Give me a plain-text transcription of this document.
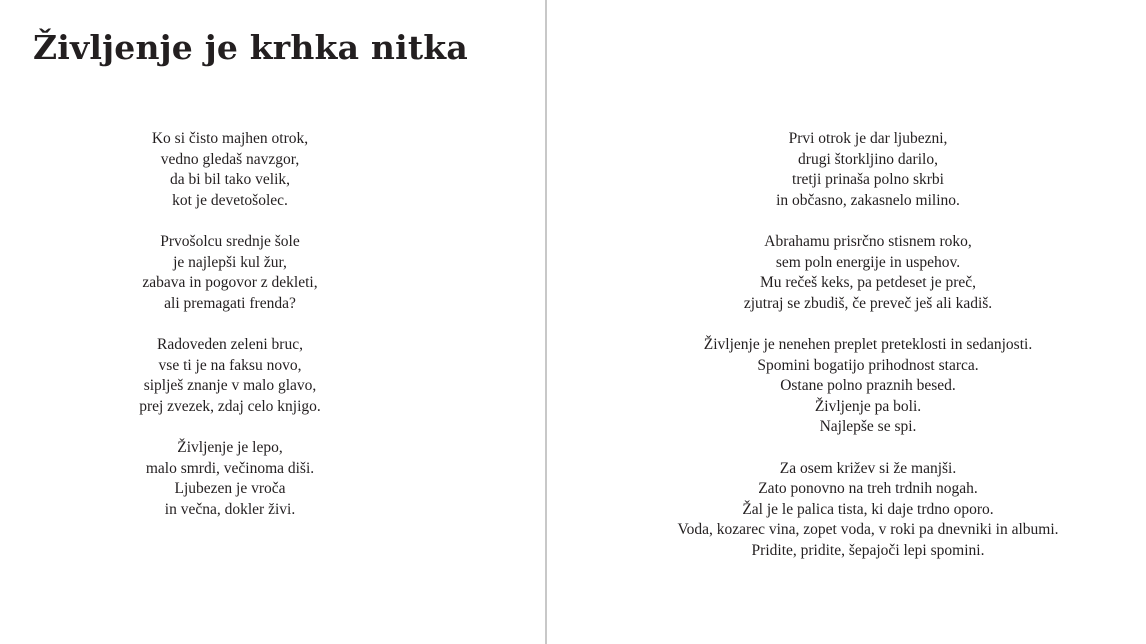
Življenje je krhka nitka

Ko si čisto majhen otrok,
vedno gledaš navzgor,
da bi bil tako velik,
kot je devetošolec.

Prvošolcu srednje šole
je najlepši kul žur,
zabava in pogovor z dekleti,
ali premagati frenda?

Radoveden zeleni bruc,
vse ti je na faksu novo,
siplješ znanje v malo glavo,
prej zvezek, zdaj celo knjigo.

Življenje je lepo,
malo smrdi, večinoma diši.
Ljubezen je vroča
in večna, dokler živi.

Prvi otrok je dar ljubezni,
drugi štorkljino darilo,
tretji prinaša polno skrbi
in občasno, zakasnelo milino.

Abrahamu prisrčno stisnem roko,
sem poln energije in uspehov.
Mu rečeš keks, pa petdeset je preč,
zjutraj se zbudiš, če preveč ješ ali kadiš.

Življenje je nenehen preplet preteklosti in sedanjosti.
Spomini bogatijo prihodnost starca.
Ostane polno praznih besed.
Življenje pa boli.
Najlepše se spi.

Za osem križev si že manjši.
Zato ponovno na treh trdnih nogah.
Žal je le palica tista, ki daje trdno oporo.
Voda, kozarec vina, zopet voda, v roki pa dnevniki in albumi.
Pridite, pridite, šepajoči lepi spomini.
